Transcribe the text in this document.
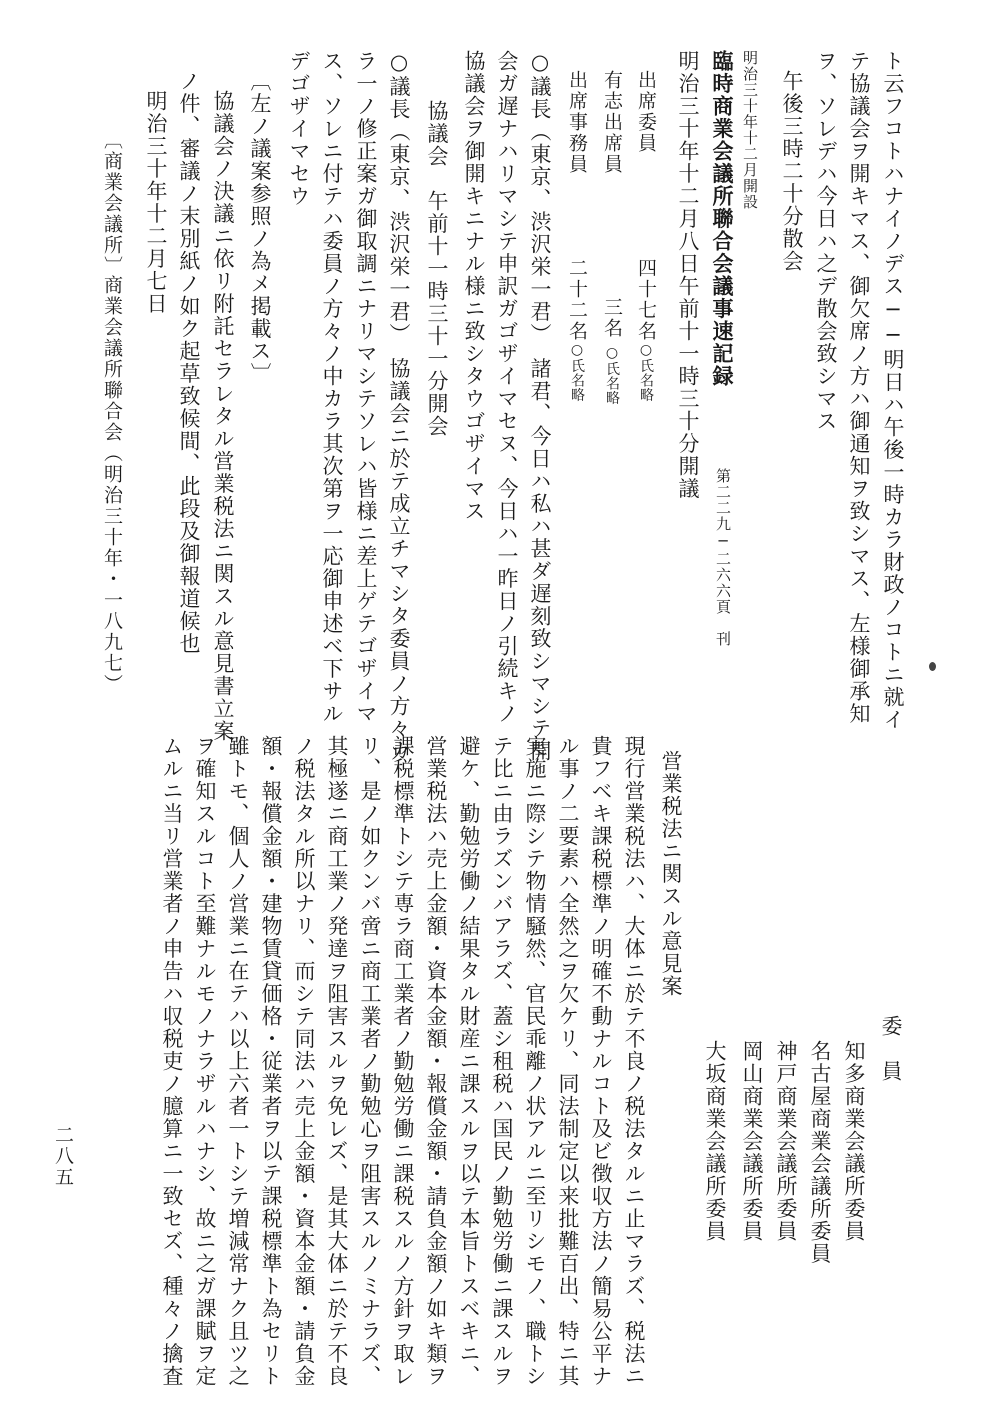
ト云フコトハナイノデス──明日ハ午後一時カラ財政ノコトニ就イ
テ協議会ヲ開キマス、御欠席ノ方ハ御通知ヲ致シマス、左様御承知
ヲ、ソレデハ今日ハ之デ散会致シマス
午後三時二十分散会
明治三十年十二月開設
臨時商業会議所聯合会議事速記録
第二二九─二六六頁　刊
明治三十年十二月八日午前十一時三十分開議
出席委員
四十七名
○氏名略
有志出席員
三名
○氏名略
出席事務員
二十二名
○氏名略
○議長（東京、渋沢栄一君）　諸君、今日ハ私ハ甚ダ遅刻致シマシテ開
会ガ遅ナハリマシテ申訳ガゴザイマセヌ、今日ハ一昨日ノ引続キノ
協議会ヲ御開キニナル様ニ致シタウゴザイマス
協議会　午前十一時三十一分開会
○議長（東京、渋沢栄一君）　協議会ニ於テ成立チマシタ委員ノ方々カ
ラ一ノ修正案ガ御取調ニナリマシテソレハ皆様ニ差上ゲテゴザイマ
ス、ソレニ付テハ委員ノ方々ノ中カラ其次第ヲ一応御申述ベ下サル
デゴザイマセウ
〔左ノ議案参照ノ為メ掲載ス〕
協議会ノ決議ニ依リ附託セラレタル営業税法ニ関スル意見書立案
ノ件、審議ノ末別紙ノ如ク起草致候間、此段及御報道候也
明治三十年十二月七日
〔商業会議所〕
商業会議所聯合会（明治三十年・一八九七）
委　員
知多商業会議所委員
名古屋商業会議所委員
神戸商業会議所委員
岡山商業会議所委員
大坂商業会議所委員
営業税法ニ関スル意見案
現行営業税法ハ、大体ニ於テ不良ノ税法タルニ止マラズ、税法ニ
貴フベキ課税標準ノ明確不動ナルコト及ビ徴収方法ノ簡易公平ナ
ル事ノ二要素ハ全然之ヲ欠ケリ、同法制定以来批難百出、特ニ其
実施ニ際シテ物情騒然、官民乖離ノ状アルニ至リシモノ、職トシ
テ比ニ由ラズンバアラズ、蓋シ租税ハ国民ノ勤勉労働ニ課スルヲ
避ケ、勤勉労働ノ結果タル財産ニ課スルヲ以テ本旨トスベキニ、
営業税法ハ売上金額・資本金額・報償金額・請負金額ノ如キ類ヲ
課税標準トシテ専ラ商工業者ノ勤勉労働ニ課税スルノ方針ヲ取レ
リ、是ノ如クンバ啻ニ商工業者ノ勤勉心ヲ阻害スルノミナラズ、
其極遂ニ商工業ノ発達ヲ阻害スルヲ免レズ、是其大体ニ於テ不良
ノ税法タル所以ナリ、而シテ同法ハ売上金額・資本金額・請負金
額・報償金額・建物賃貸価格・従業者ヲ以テ課税標準ト為セリト
雖トモ、個人ノ営業ニ在テハ以上六者一トシテ増減常ナク且ツ之
ヲ確知スルコト至難ナルモノナラザルハナシ、故ニ之ガ課賦ヲ定
ムルニ当リ営業者ノ申告ハ収税吏ノ臆算ニ一致セズ、種々ノ擒査
二八五
